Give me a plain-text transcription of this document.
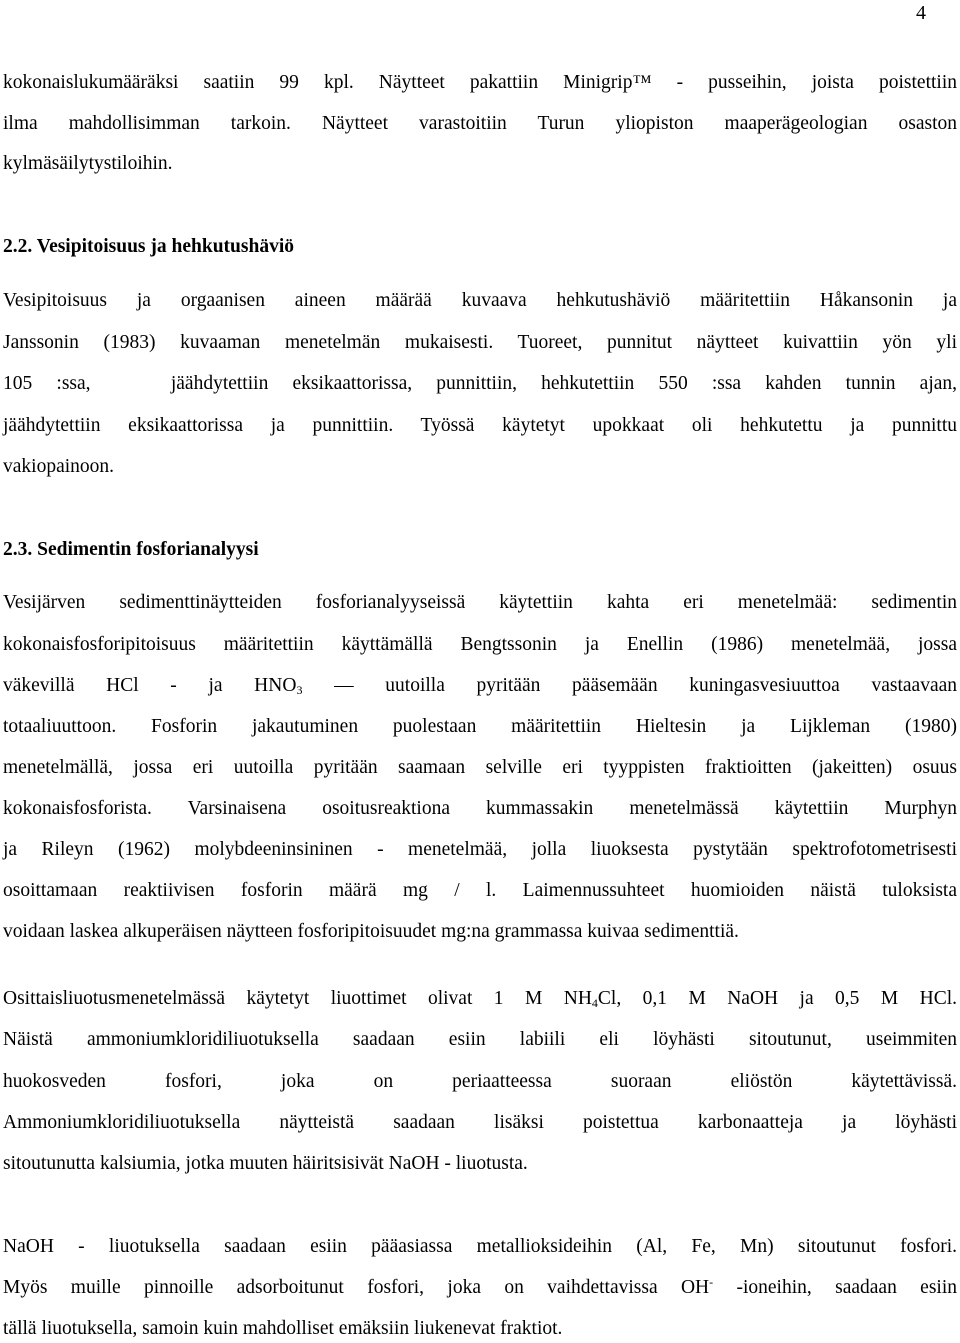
4
kokonaislukumääräksi saatiin 99 kpl. Näytteet pakattiin Minigrip™ - pusseihin, joista poistettiin
ilma mahdollisimman tarkoin. Näytteet varastoitiin Turun yliopiston maaperägeologian osaston
kylmäsäilytystiloihin.
2.2. Vesipitoisuus ja hehkutushäviö
Vesipitoisuus ja orgaanisen aineen määrää kuvaava hehkutushäviö määritettiin Håkansonin ja
Janssonin (1983) kuvaaman menetelmän mukaisesti. Tuoreet, punnitut näytteet kuivattiin yön yli
105 :ssa,	jäähdytettiin eksikaattorissa, punnittiin, hehkutettiin 550 :ssa kahden tunnin ajan,
jäähdytettiin eksikaattorissa ja punnittiin. Työssä käytetyt upokkaat oli hehkutettu ja punnittu
vakiopainoon.
2.3. Sedimentin fosforianalyysi
Vesijärven sedimenttinäytteiden fosforianalyyseissä käytettiin kahta eri menetelmää: sedimentin
kokonaisfosforipitoisuus määritettiin käyttämällä Bengtssonin ja Enellin (1986) menetelmää, jossa
väkevillä HCl - ja $HNO_3$ — uutoilla pyritään pääsemään kuningasvesiuuttoa vastaavaan
totaaliuuttoon. Fosforin jakautuminen puolestaan määritettiin Hieltesin ja Lijkleman (1980)
menetelmällä, jossa eri uutoilla pyritään saamaan selville eri tyyppisten fraktioitten (jakeitten) osuus
kokonaisfosforista. Varsinaisena osoitusreaktiona kummassakin menetelmässä käytettiin Murphyn
ja Rileyn (1962) molybdeeninsininen - menetelmää, jolla liuoksesta pystytään spektrofotometrisesti
osoittamaan reaktiivisen fosforin määrä mg / l. Laimennussuhteet huomioiden näistä tuloksista
voidaan laskea alkuperäisen näytteen fosforipitoisuudet mg:na grammassa kuivaa sedimenttiä.
Osittaisliuotusmenetelmässä käytetyt liuottimet olivat 1 M $NH_4Cl$, 0,1 M NaOH ja 0,5 M HCl.
Näistä ammoniumkloridiliuotuksella saadaan esiin labiili eli löyhästi sitoutunut, useimmiten
huokosveden fosfori, joka on periaatteessa suoraan eliöstön käytettävissä.
Ammoniumkloridiliuotuksella näytteistä saadaan lisäksi poistettua karbonaatteja ja löyhästi
sitoutunutta kalsiumia, jotka muuten häiritsisivät NaOH - liuotusta.
NaOH - liuotuksella saadaan esiin pääasiassa metallioksideihin (Al, Fe, Mn) sitoutunut fosfori.
Myös muille pinnoille adsorboitunut fosfori, joka on vaihdettavissa OH- -ioneihin, saadaan esiin
tällä liuotuksella, samoin kuin mahdolliset emäksiin liukenevat fraktiot.
